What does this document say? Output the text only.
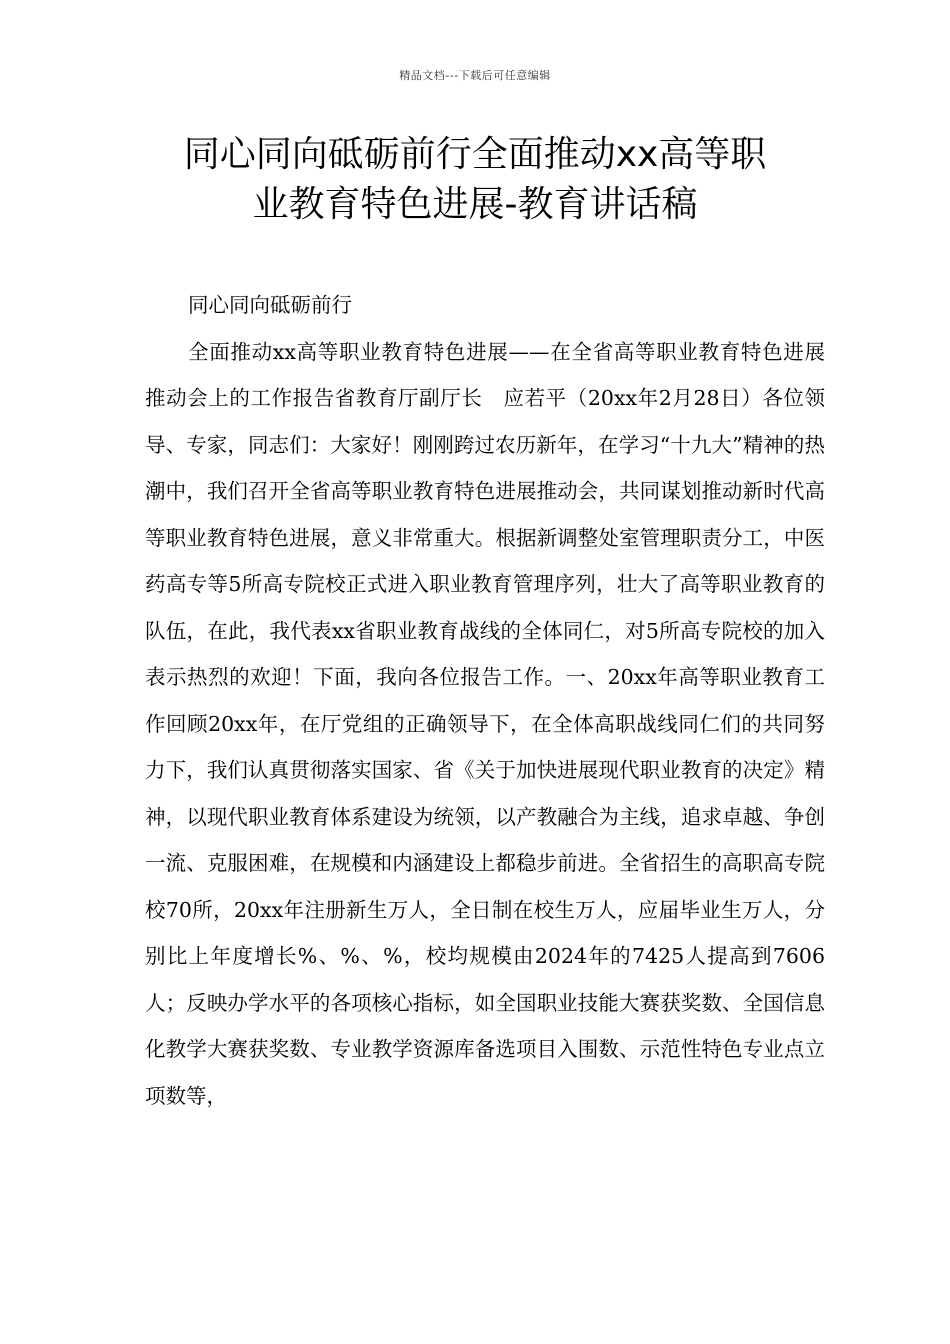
精品文档---下载后可任意编辑
同心同向砥砺前行全面推动xx高等职
业教育特色进展-教育讲话稿

同心同向砥砺前行

全面推动xx高等职业教育特色进展——在全省高等职业教育特色进展推动会上的工作报告省教育厅副厅长　应若平（20xx年2月28日）各位领导、专家，同志们：大家好！刚刚跨过农历新年，在学习“十九大”精神的热潮中，我们召开全省高等职业教育特色进展推动会，共同谋划推动新时代高等职业教育特色进展，意义非常重大。根据新调整处室管理职责分工，中医药高专等5所高专院校正式进入职业教育管理序列，壮大了高等职业教育的队伍，在此，我代表xx省职业教育战线的全体同仁，对5所高专院校的加入表示热烈的欢迎！下面，我向各位报告工作。一、20xx年高等职业教育工作回顾20xx年，在厅党组的正确领导下，在全体高职战线同仁们的共同努力下，我们认真贯彻落实国家、省《关于加快进展现代职业教育的决定》精神，以现代职业教育体系建设为统领，以产教融合为主线，追求卓越、争创一流、克服困难，在规模和内涵建设上都稳步前进。全省招生的高职高专院校70所，20xx年注册新生万人，全日制在校生万人，应届毕业生万人，分别比上年度增长%、%、%，校均规模由2024年的7425人提高到7606人；反映办学水平的各项核心指标，如全国职业技能大赛获奖数、全国信息化教学大赛获奖数、专业教学资源库备选项目入围数、示范性特色专业点立项数等，
